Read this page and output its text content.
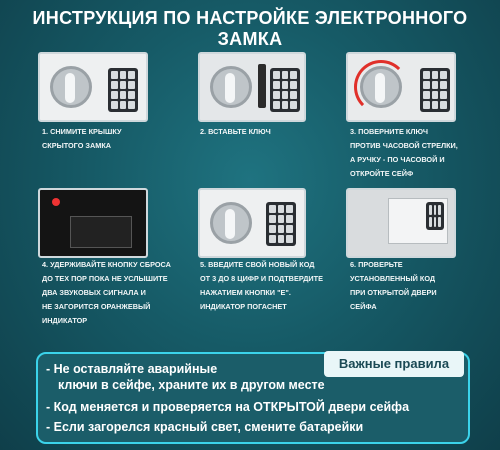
ИНСТРУКЦИЯ ПО НАСТРОЙКЕ ЭЛЕКТРОННОГО ЗАМКА
1. СНИМИТЕ КРЫШКУ
СКРЫТОГО ЗАМКА
2. ВСТАВЬТЕ КЛЮЧ	3. ПОВЕРНИТЕ КЛЮЧ
ПРОТИВ ЧАСОВОЙ СТРЕЛКИ,
А РУЧКУ - ПО ЧАСОВОЙ И
ОТКРОЙТЕ СЕЙФ
4. УДЕРЖИВАЙТЕ КНОПКУ СБРОСА
ДО ТЕХ ПОР ПОКА НЕ УСЛЫШИТЕ
ДВА ЗВУКОВЫХ СИГНАЛА И
НЕ ЗАГОРИТСЯ ОРАНЖЕВЫЙ
ИНДИКАТОР
5. ВВЕДИТЕ СВОЙ НОВЫЙ КОД
ОТ 3 ДО 8 ЦИФР И ПОДТВЕРДИТЕ
НАЖАТИЕМ КНОПКИ "E".
ИНДИКАТОР ПОГАСНЕТ
6. ПРОВЕРЬТЕ
УСТАНОВЛЕННЫЙ КОД
ПРИ ОТКРЫТОЙ ДВЕРИ
СЕЙФА
Важные правила
- Не оставляйте аварийные
ключи в сейфе, храните их в другом месте
- Код меняется и проверяется на ОТКРЫТОЙ двери сейфа
- Если загорелся красный свет, смените батарейки
